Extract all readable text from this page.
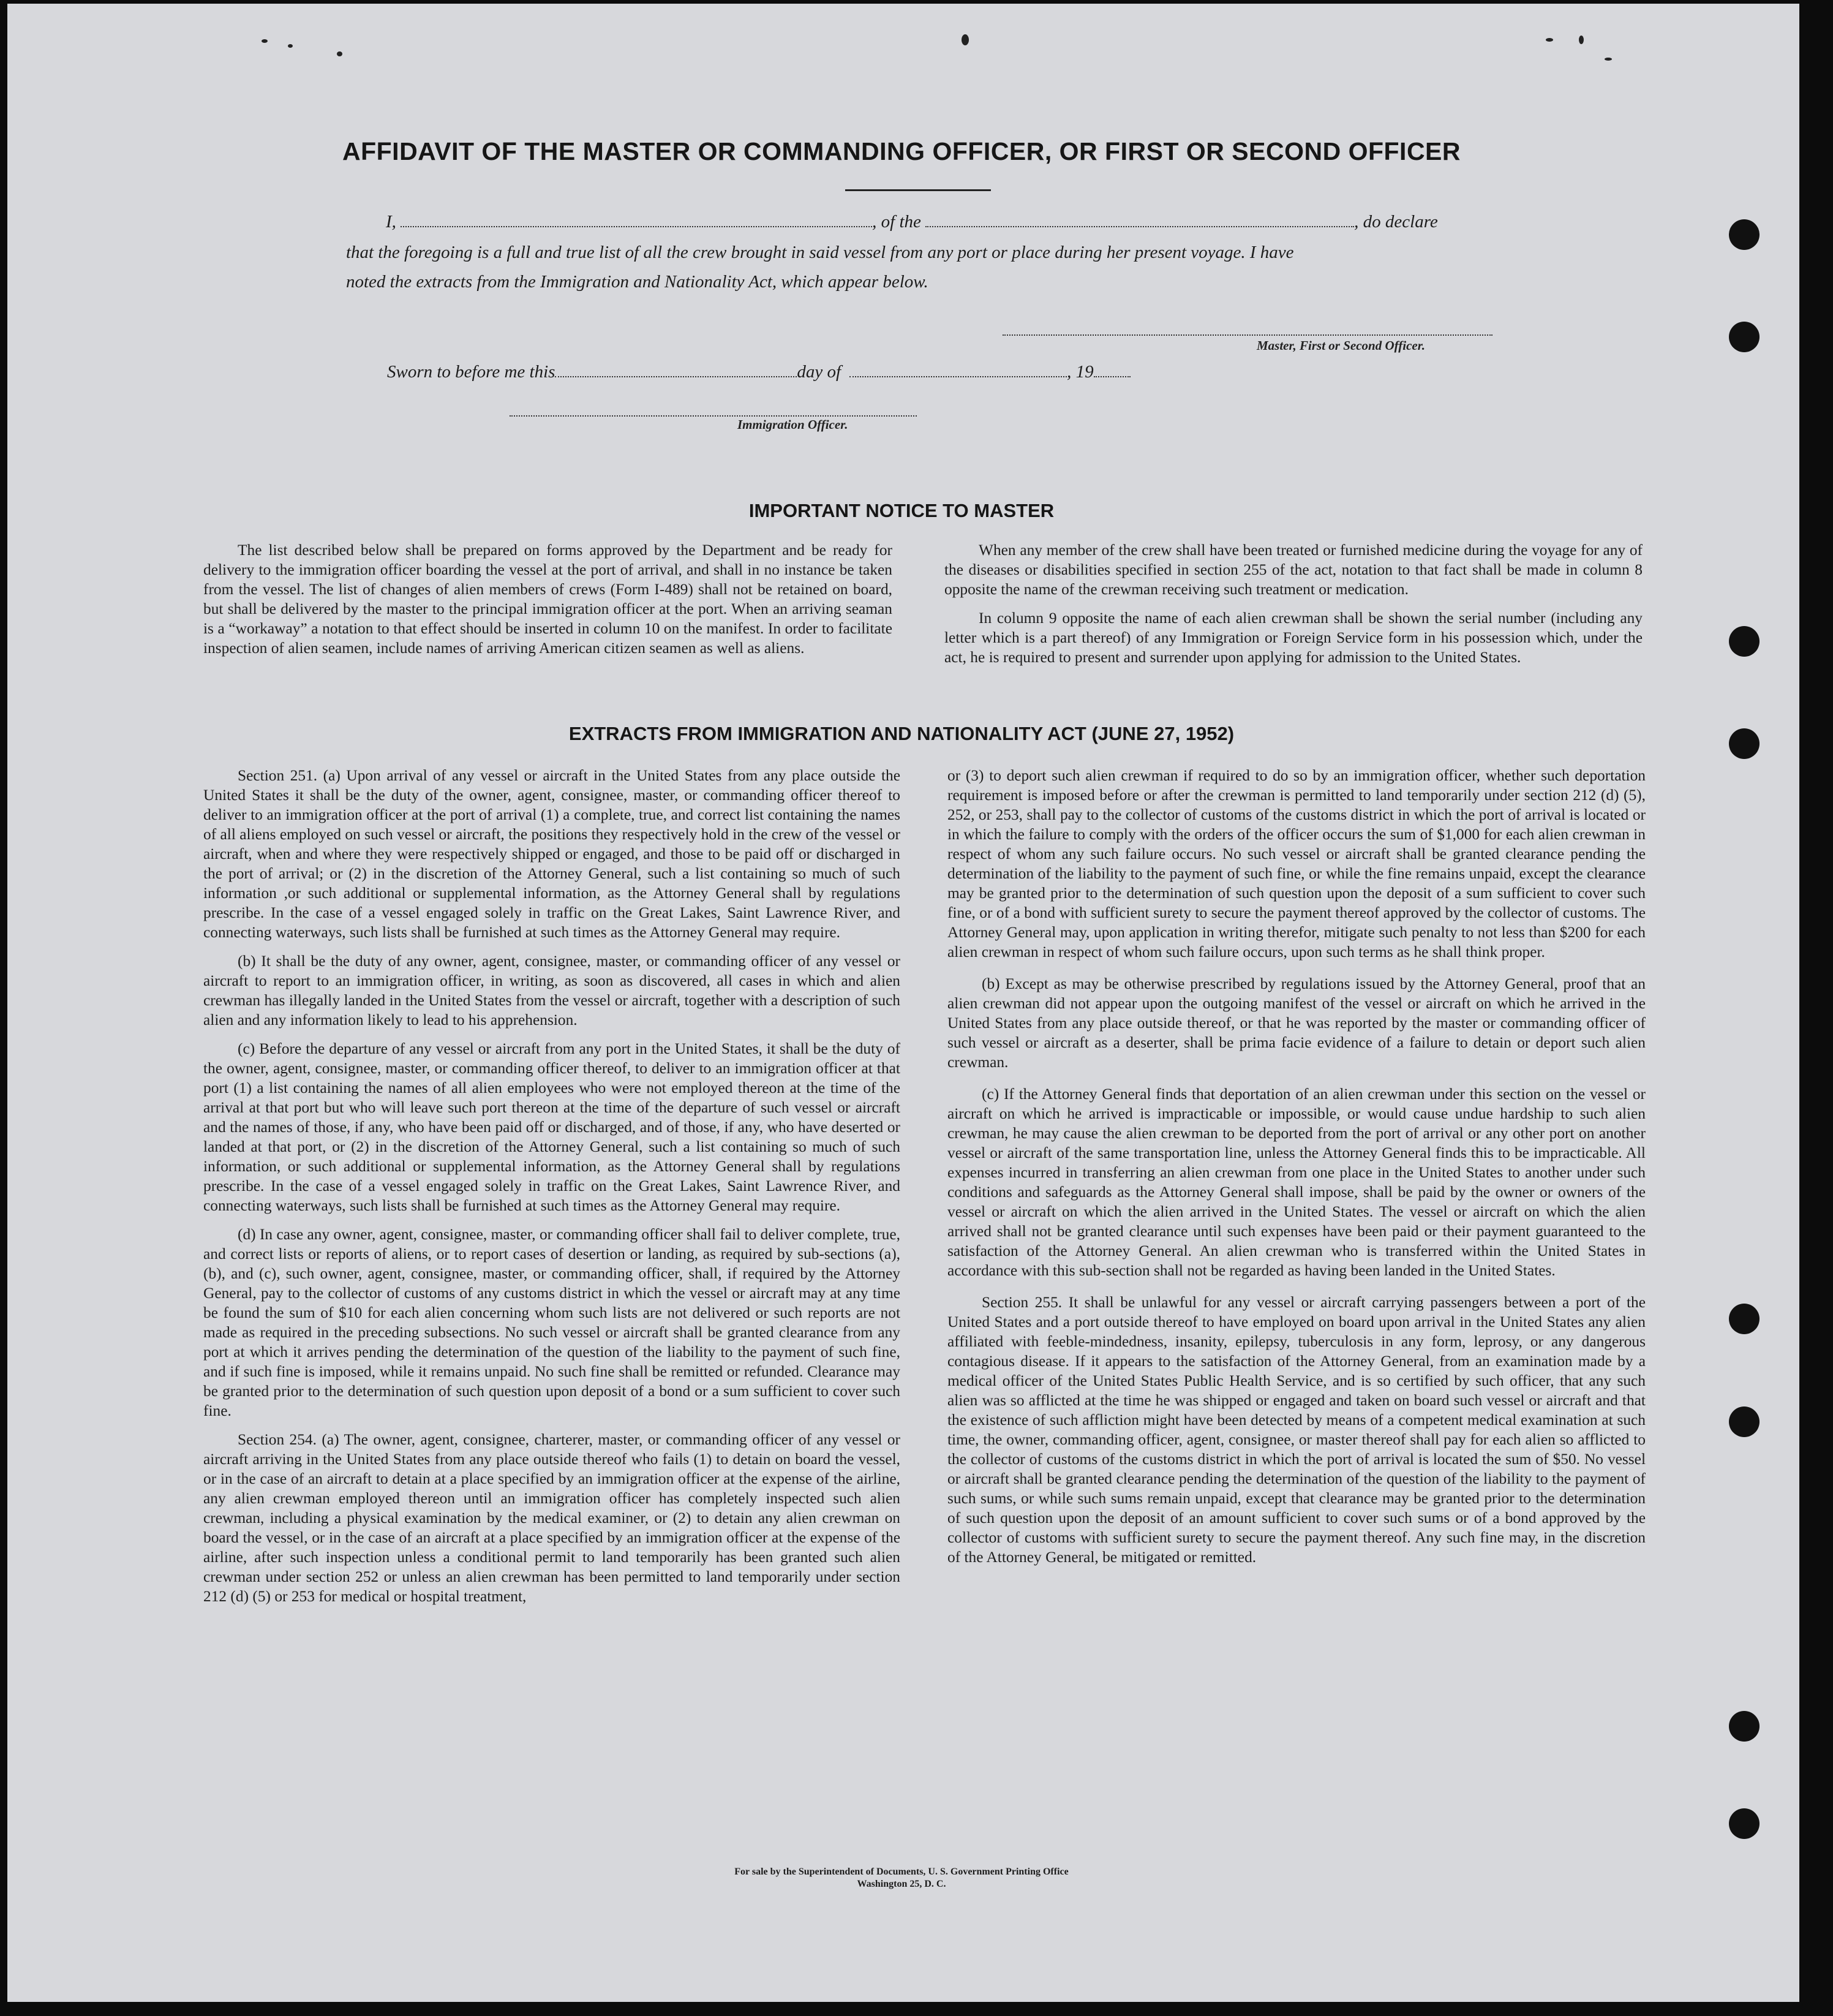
AFFIDAVIT OF THE MASTER OR COMMANDING OFFICER, OR FIRST OR SECOND OFFICER
I,	, of the	, do declare
that the foregoing is a full and true list of all the crew brought in said vessel from any port or place during her present voyage. I have
noted the extracts from the Immigration and Nationality Act, which appear below.
Master, First or Second Officer.
Sworn to before me this	day of	, 19
Immigration Officer.
IMPORTANT NOTICE TO MASTER

The list described below shall be prepared on forms approved by the Department and be ready for delivery to the immigration officer boarding the vessel at the port of arrival, and shall in no instance be taken from the vessel. The list of changes of alien members of crews (Form I-489) shall not be retained on board, but shall be delivered by the master to the principal immigration officer at the port. When an arriving seaman is a “workaway” a notation to that effect should be inserted in column 10 on the manifest. In order to facilitate inspection of alien seamen, include names of arriving American citizen seamen as well as aliens.

When any member of the crew shall have been treated or furnished medicine during the voyage for any of the diseases or disabilities specified in section 255 of the act, notation to that fact shall be made in column 8 opposite the name of the crewman receiving such treatment or medication.

In column 9 opposite the name of each alien crewman shall be shown the serial number (including any letter which is a part thereof) of any Immigration or Foreign Service form in his possession which, under the act, he is required to present and surrender upon applying for admission to the United States.

EXTRACTS FROM IMMIGRATION AND NATIONALITY ACT (JUNE 27, 1952)

Section 251. (a) Upon arrival of any vessel or aircraft in the United States from any place outside the United States it shall be the duty of the owner, agent, consignee, master, or commanding officer thereof to deliver to an immigration officer at the port of arrival (1) a complete, true, and correct list containing the names of all aliens employed on such vessel or aircraft, the positions they respectively hold in the crew of the vessel or aircraft, when and where they were respectively shipped or engaged, and those to be paid off or discharged in the port of arrival; or (2) in the discretion of the Attorney General, such a list containing so much of such information ,or such additional or supplemental information, as the Attorney General shall by regulations prescribe. In the case of a vessel engaged solely in traffic on the Great Lakes, Saint Lawrence River, and connecting waterways, such lists shall be furnished at such times as the Attorney General may require.

(b) It shall be the duty of any owner, agent, consignee, master, or commanding officer of any vessel or aircraft to report to an immigration officer, in writing, as soon as discovered, all cases in which and alien crewman has illegally landed in the United States from the vessel or aircraft, together with a description of such alien and any information likely to lead to his apprehension.

(c) Before the departure of any vessel or aircraft from any port in the United States, it shall be the duty of the owner, agent, consignee, master, or commanding officer thereof, to deliver to an immigration officer at that port (1) a list containing the names of all alien employees who were not employed thereon at the time of the arrival at that port but who will leave such port thereon at the time of the departure of such vessel or aircraft and the names of those, if any, who have been paid off or discharged, and of those, if any, who have deserted or landed at that port, or (2) in the discretion of the Attorney General, such a list containing so much of such information, or such additional or supplemental information, as the Attorney General shall by regulations prescribe. In the case of a vessel engaged solely in traffic on the Great Lakes, Saint Lawrence River, and connecting waterways, such lists shall be furnished at such times as the Attorney General may require.

(d) In case any owner, agent, consignee, master, or commanding officer shall fail to deliver complete, true, and correct lists or reports of aliens, or to report cases of desertion or landing, as required by sub-sections (a), (b), and (c), such owner, agent, consignee, master, or commanding officer, shall, if required by the Attorney General, pay to the collector of customs of any customs district in which the vessel or aircraft may at any time be found the sum of $10 for each alien concerning whom such lists are not delivered or such reports are not made as required in the preceding subsections. No such vessel or aircraft shall be granted clearance from any port at which it arrives pending the determination of the question of the liability to the payment of such fine, and if such fine is imposed, while it remains unpaid. No such fine shall be remitted or refunded. Clearance may be granted prior to the determination of such question upon deposit of a bond or a sum sufficient to cover such fine.

Section 254. (a) The owner, agent, consignee, charterer, master, or commanding officer of any vessel or aircraft arriving in the United States from any place outside thereof who fails (1) to detain on board the vessel, or in the case of an aircraft to detain at a place specified by an immigration officer at the expense of the airline, any alien crewman employed thereon until an immigration officer has completely inspected such alien crewman, including a physical examination by the medical examiner, or (2) to detain any alien crewman on board the vessel, or in the case of an aircraft at a place specified by an immigration officer at the expense of the airline, after such inspection unless a conditional permit to land temporarily has been granted such alien crewman under section 252 or unless an alien crewman has been permitted to land temporarily under section 212 (d) (5) or 253 for medical or hospital treatment,

or (3) to deport such alien crewman if required to do so by an immigration officer, whether such deportation requirement is imposed before or after the crewman is permitted to land temporarily under section 212 (d) (5), 252, or 253, shall pay to the collector of customs of the customs district in which the port of arrival is located or in which the failure to comply with the orders of the officer occurs the sum of $1,000 for each alien crewman in respect of whom any such failure occurs. No such vessel or aircraft shall be granted clearance pending the determination of the liability to the payment of such fine, or while the fine remains unpaid, except the clearance may be granted prior to the determination of such question upon the deposit of a sum sufficient to cover such fine, or of a bond with sufficient surety to secure the payment thereof approved by the collector of customs. The Attorney General may, upon application in writing therefor, mitigate such penalty to not less than $200 for each alien crewman in respect of whom such failure occurs, upon such terms as he shall think proper.

(b) Except as may be otherwise prescribed by regulations issued by the Attorney General, proof that an alien crewman did not appear upon the outgoing manifest of the vessel or aircraft on which he arrived in the United States from any place outside thereof, or that he was reported by the master or commanding officer of such vessel or aircraft as a deserter, shall be prima facie evidence of a failure to detain or deport such alien crewman.

(c) If the Attorney General finds that deportation of an alien crewman under this section on the vessel or aircraft on which he arrived is impracticable or impossible, or would cause undue hardship to such alien crewman, he may cause the alien crewman to be deported from the port of arrival or any other port on another vessel or aircraft of the same transportation line, unless the Attorney General finds this to be impracticable. All expenses incurred in transferring an alien crewman from one place in the United States to another under such conditions and safeguards as the Attorney General shall impose, shall be paid by the owner or owners of the vessel or aircraft on which the alien arrived in the United States. The vessel or aircraft on which the alien arrived shall not be granted clearance until such expenses have been paid or their payment guaranteed to the satisfaction of the Attorney General. An alien crewman who is transferred within the United States in accordance with this sub-section shall not be regarded as having been landed in the United States.

Section 255. It shall be unlawful for any vessel or aircraft carrying passengers between a port of the United States and a port outside thereof to have employed on board upon arrival in the United States any alien affiliated with feeble-mindedness, insanity, epilepsy, tuberculosis in any form, leprosy, or any dangerous contagious disease. If it appears to the satisfaction of the Attorney General, from an examination made by a medical officer of the United States Public Health Service, and is so certified by such officer, that any such alien was so afflicted at the time he was shipped or engaged and taken on board such vessel or aircraft and that the existence of such affliction might have been detected by means of a competent medical examination at such time, the owner, commanding officer, agent, consignee, or master thereof shall pay for each alien so afflicted to the collector of customs of the customs district in which the port of arrival is located the sum of $50. No vessel or aircraft shall be granted clearance pending the determination of the question of the liability to the payment of such sums, or while such sums remain unpaid, except that clearance may be granted prior to the determination of such question upon the deposit of an amount sufficient to cover such sums or of a bond approved by the collector of customs with sufficient surety to secure the payment thereof. Any such fine may, in the discretion of the Attorney General, be mitigated or remitted.

For sale by the Superintendent of Documents, U. S. Government Printing Office
Washington 25, D. C.
